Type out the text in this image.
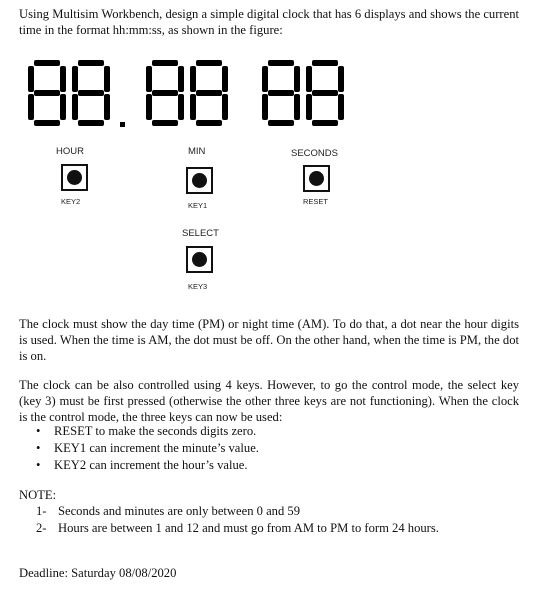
Using Multisim Workbench, design a simple digital clock that has 6 displays and shows the current time in the format hh:mm:ss, as shown in the figure:
HOUR	MIN	SECONDS
KEY2	KEY1	RESET
SELECT
KEY3
The clock must show the day time (PM) or night time (AM). To do that, a dot near the hour digits is used. When the time is AM, the dot must be off. On the other hand, when the time is PM, the dot is on.
The clock can be also controlled using 4 keys. However, to go the control mode, the select key (key 3) must be first pressed (otherwise the other three keys are not functioning). When the clock is the control mode, the three keys can now be used:
• RESET to make the seconds digits zero.
• KEY1 can increment the minute’s value.
• KEY2 can increment the hour’s value.
NOTE:
1- Seconds and minutes are only between 0 and 59
2- Hours are between 1 and 12 and must go from AM to PM to form 24 hours.
Deadline: Saturday 08/08/2020
